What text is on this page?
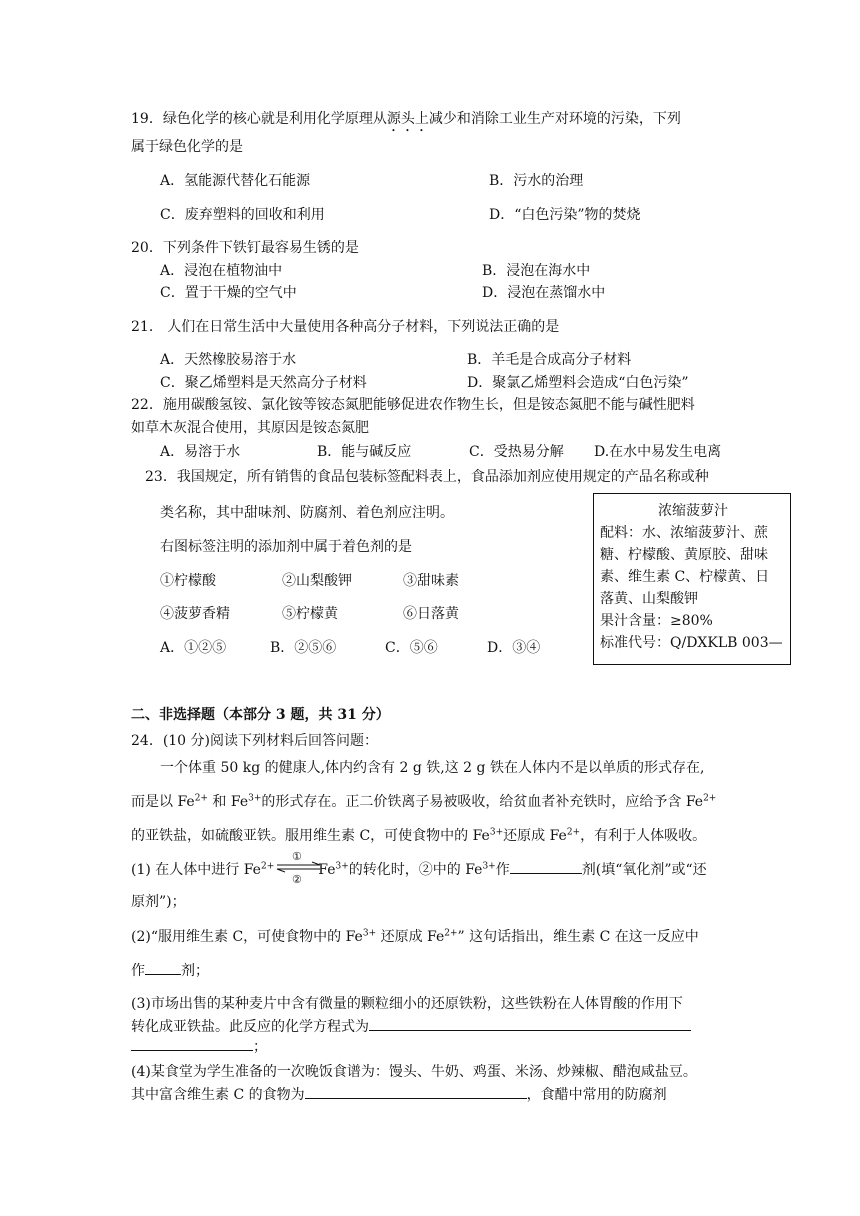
19．绿色化学的核心就是利用化学原理从源头上减少和消除工业生产对环境的污染，下列
属于绿色化学的是
A．氢能源代替化石能源	B．污水的治理
C．废弃塑料的回收和利用	D．“白色污染”物的焚烧
20．下列条件下铁钉最容易生锈的是
A．浸泡在植物油中	B．浸泡在海水中
C．置于干燥的空气中	D．浸泡在蒸馏水中
21． 人们在日常生活中大量使用各种高分子材料，下列说法正确的是
A．天然橡胶易溶于水	B．羊毛是合成高分子材料
C．聚乙烯塑料是天然高分子材料	D．聚氯乙烯塑料会造成“白色污染”
22．施用碳酸氢铵、氯化铵等铵态氮肥能够促进农作物生长，但是铵态氮肥不能与碱性肥料
如草木灰混合使用，其原因是铵态氮肥
A．易溶于水	B．能与碱反应	C．受热易分解 D.在水中易发生电离
23．我国规定，所有销售的食品包装标签配料表上，食品添加剂应使用规定的产品名称或种
类名称，其中甜味剂、防腐剂、着色剂应注明。
右图标签注明的添加剂中属于着色剂的是
①柠檬酸	②山梨酸钾	③甜味素
④菠萝香精	⑤柠檬黄	⑥日落黄
A．①②⑤	B．②⑤⑥	C．⑤⑥	D．③④
浓缩菠萝汁
配料：水、浓缩菠萝汁、蔗
糖、柠檬酸、黄原胶、甜味
素、维生素 C、柠檬黄、日
落黄、山梨酸钾
果汁含量：≥80%
标准代号：Q/DXKLB 003—
二、非选择题（本部分 3 题，共 31 分）
24．(10 分)阅读下列材料后回答问题：
一个体重 50 kg 的健康人,体内约含有 2 g 铁,这 2 g 铁在人体内不是以单质的形式存在,
而是以 $Fe^{2+}$ 和 $Fe^{3+}$的形式存在。正二价铁离子易被吸收，给贫血者补充铁时，应给予含 $Fe^{2+}$
的亚铁盐，如硫酸亚铁。服用维生素 C，可使食物中的 $Fe^{3+}$还原成 $Fe^{2+}$，有利于人体吸收。
(1) 在人体中进行 $Fe^{2+}$	$Fe^{3+}$的转化时，②中的 $Fe^{3+}$作	剂(填“氧化剂”或“还
①
②
原剂”)；
(2)“服用维生素 C，可使食物中的 $Fe^{3+}$ 还原成 $Fe^{2+}$” 这句话指出，维生素 C 在这一反应中
作	剂；
(3)市场出售的某种麦片中含有微量的颗粒细小的还原铁粉，这些铁粉在人体胃酸的作用下
转化成亚铁盐。此反应的化学方程式为
；
(4)某食堂为学生准备的一次晚饭食谱为：馒头、牛奶、鸡蛋、米汤、炒辣椒、醋泡咸盐豆。
其中富含维生素 C 的食物为	，食醋中常用的防腐剂
